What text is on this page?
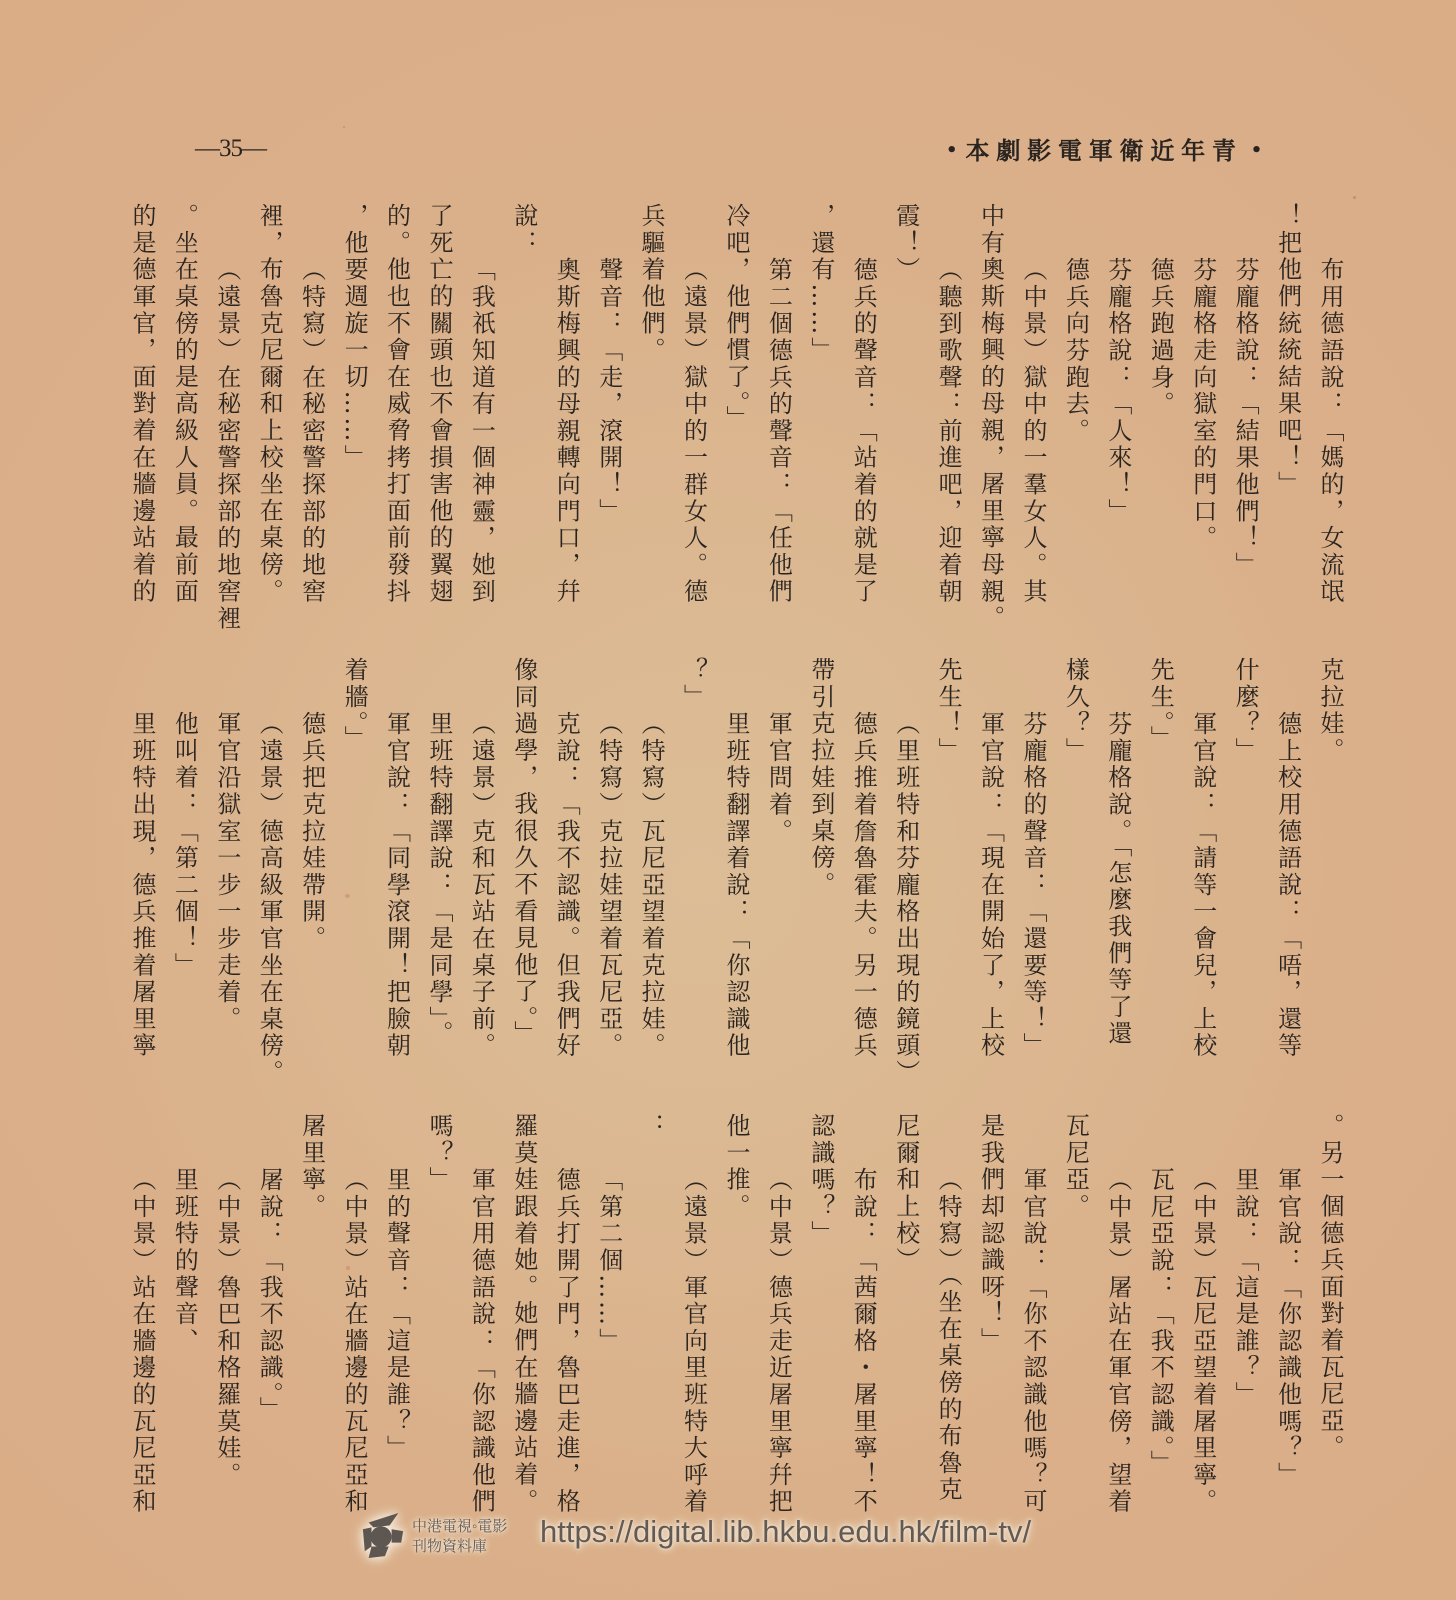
—35—	• 青年近衛軍電影劇本 •
布用德語說：「媽的，女流氓
！把他們統統結果吧！」
芬龐格說：「結果他們！」
芬龐格走向獄室的門口。
德兵跑過身。
芬龐格說：「人來！」
德兵向芬跑去。
（中景）獄中的一羣女人。其
中有奧斯梅興的母親，屠里寧母親。
（聽到歌聲：前進吧，迎着朝
霞！）
德兵的聲音：「站着的就是了
，還有……」
第二個德兵的聲音：「任他們
冷吧，他們慣了。」
（遠景）獄中的一群女人。德
兵驅着他們。
聲音：「走，滾開！」
奧斯梅興的母親轉向門口，幷
說：
「我祇知道有一個神靈，她到
了死亡的關頭也不會損害他的翼翅
的。他也不會在威脅拷打面前發抖
，他要週旋一切……」
（特寫）在秘密警探部的地窖
裡，布魯克尼爾和上校坐在桌傍。
（遠景）在秘密警探部的地窖裡
。坐在桌傍的是高級人員。最前面
的是德軍官，面對着在牆邊站着的
克拉娃。
德上校用德語說：「唔，還等
什麼？」
軍官說：「請等一會兒，上校
先生。」
芬龐格說。「怎麼我們等了還
樣久？」
芬龐格的聲音：「還要等！」
軍官說：「現在開始了，上校
先生！」
（里班特和芬龐格出現的鏡頭）
德兵推着詹魯霍夫。另一德兵
帶引克拉娃到桌傍。
軍官問着。
里班特翻譯着說：「你認識他
？」
（特寫）瓦尼亞望着克拉娃。
（特寫）克拉娃望着瓦尼亞。
克說：「我不認識。但我們好
像同過學，我很久不看見他了。」
（遠景）克和瓦站在桌子前。
里班特翻譯說：「是同學」。
軍官說：「同學滾開！把臉朝
着牆。」
德兵把克拉娃帶開。
（遠景）德高級軍官坐在桌傍。
軍官沿獄室一步一步走着。
他叫着：「第二個！」
里班特出現，德兵推着屠里寧
。另一個德兵面對着瓦尼亞。
軍官說：「你認識他嗎？」
里說：「這是誰？」
（中景）瓦尼亞望着屠里寧。
瓦尼亞說：「我不認識。」
（中景）屠站在軍官傍，望着
瓦尼亞。
軍官說：「你不認識他嗎？可
是我們却認識呀！」
（特寫）（坐在桌傍的布魯克
尼爾和上校）
布說：「茜爾格・屠里寧！不
認識嗎？」
（中景）德兵走近屠里寧幷把
他一推。
（遠景）軍官向里班特大呼着
：
「第二個……」
德兵打開了門，魯巴走進，格
羅莫娃跟着她。她們在牆邊站着。
軍官用德語說：「你認識他們
嗎？」
里的聲音：「這是誰？」
（中景）站在牆邊的瓦尼亞和
屠里寧。
屠說：「我不認識。」
（中景）魯巴和格羅莫娃。
里班特的聲音、
（中景）站在牆邊的瓦尼亞和
中港電視◦電影
刊物資料庫	https://digital.lib.hkbu.edu.hk/film-tv/
